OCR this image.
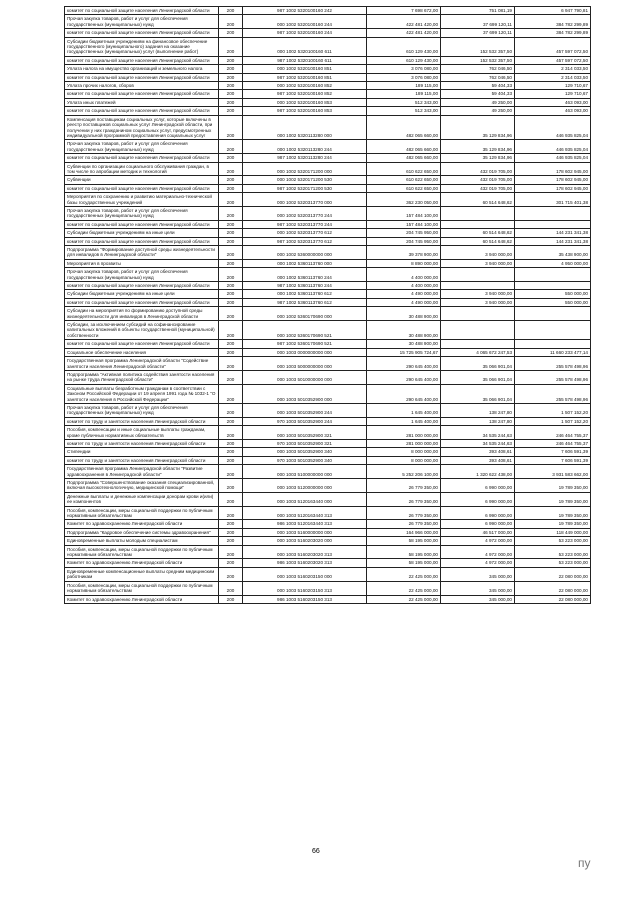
комитет по социальной защите населения Ленинградской области	200	987 1002 5320100160 242	7 698 672,00	751 081,19	6 947 790,81
Прочая закупка товаров, работ и услуг для обеспечения государственных (муниципальных) нужд	200	000 1002 5320100160 244	422 481 420,00	37 699 120,11	384 782 299,89
комитет по социальной защите населения Ленинградской области	200	987 1002 5320100160 244	422 481 420,00	37 699 120,11	384 782 299,89
Субсидии бюджетным учреждениям на финансовое обеспечение государственного (муниципального) задания на оказание государственных (муниципальных) услуг (выполнение работ)	200	000 1002 5320100160 611	610 129 430,00	152 532 357,50	457 597 072,50
комитет по социальной защите населения Ленинградской области	200	987 1002 5320100160 611	610 129 430,00	152 532 357,50	457 597 072,50
Уплата налога на имущество организаций и земельного налога	200	000 1002 5320100160 851	3 076 080,00	762 046,50	2 314 033,50
комитет по социальной защите населения Ленинградской области	200	987 1002 5320100160 851	3 076 080,00	762 046,50	2 314 033,50
Уплата прочих налогов, сборов	200	000 1002 5320100160 852	189 115,00	59 404,33	129 710,67
комитет по социальной защите населения Ленинградской области	200	987 1002 5320100160 852	189 115,00	59 404,33	129 710,67
Уплата иных платежей	200	000 1002 5320100160 853	512 343,00	49 250,00	463 093,00
комитет по социальной защите населения Ленинградской области	200	987 1002 5320100160 853	512 343,00	49 250,00	463 093,00
Компенсация поставщикам социальных услуг, которые включены в реестр поставщиков социальных услуг Ленинградской области, при получении у них гражданином социальных услуг, предусмотренных индивидуальной программой предоставления социальных услуг	200	000 1002 5320113280 000	482 065 660,00	35 129 834,96	446 935 825,04
Прочая закупка товаров, работ и услуг для обеспечения государственных (муниципальных) нужд	200	000 1002 5320113280 244	482 065 660,00	35 129 834,96	446 935 825,04
комитет по социальной защите населения Ленинградской области	200	987 1002 5320113280 244	482 065 660,00	35 129 834,96	446 935 825,04
Субвенции по организации социального обслуживания граждан, в том числе по апробации методик и технологий	200	000 1002 5320171200 000	610 622 650,00	432 019 705,00	178 602 945,00
Субвенции	200	000 1002 5320171200 530	610 622 650,00	432 019 705,00	178 602 945,00
комитет по социальной защите населения Ленинградской области	200	987 1002 5320171200 530	610 622 650,00	432 019 705,00	178 602 945,00
Мероприятия по сохранению и развитию материально-технической базы государственных учреждений	200	000 1002 5320313770 000	362 230 050,00	60 514 648,62	301 715 401,38
Прочая закупка товаров, работ и услуг для обеспечения государственных (муниципальных) нужд	200	000 1002 5320313770 244	157 484 100,00		
комитет по социальной защите населения Ленинградской области	200	987 1002 5320313770 244	157 484 100,00		
Субсидии бюджетным учреждениям на иные цели	200	000 1002 5320313770 612	204 745 950,00	60 514 648,62	144 231 341,38
комитет по социальной защите населения Ленинградской области	200	987 1002 5320313770 612	204 745 950,00	60 514 648,62	144 231 341,38
Подпрограмма "Формирование доступной среды жизнедеятельности для инвалидов в Ленинградской области"	200	000 1002 5360000000 000	39 378 900,00	3 940 000,00	35 438 900,00
Мероприятия в прозвиты	200	000 1002 5360113760 000	8 890 000,00	3 940 000,00	4 950 000,00
Прочая закупка товаров, работ и услуг для обеспечения государственных (муниципальных) нужд	200	000 1002 5360113760 244	4 400 000,00		
комитет по социальной защите населения Ленинградской области	200	987 1002 5360113760 244	4 400 000,00		
Субсидии бюджетным учреждениям на иные цели	200	000 1002 5360113760 612	4 490 000,00	3 940 000,00	550 000,00
комитет по социальной защите населения Ленинградской области	200	987 1002 5360113760 612	4 490 000,00	3 940 000,00	550 000,00
Субсидии на мероприятия по формированию доступной среды жизнедеятельности для инвалидов в Ленинградской области	200	000 1002 5360170690 000	30 488 900,00		
Субсидии, за исключением субсидий на софинансирование капитальных вложений в объекты государственной (муниципальной) собственности	200	000 1002 5360170690 521	30 488 900,00		
комитет по социальной защите населения Ленинградской области	200	987 1002 5360170690 521	30 488 900,00		
Социальное обеспечение населения	200	000 1003 0000000000 000	15 725 905 724,67	4 065 672 247,53	11 660 233 477,14
Государственная программа Ленинградской области "Содействие занятости населения Ленинградской области"	200	000 1003 5000000000 000	290 645 400,00	35 066 901,04	255 578 498,96
Подпрограмма "Активная политика содействия занятости населения на рынке труда Ленинградской области"	200	000 1003 5010000000 000	290 645 400,00	35 066 901,04	255 578 498,96
Социальные выплаты безработным гражданам в соответствии с Законом Российской Федерации от 19 апреля 1991 года № 1032-1 "О занятости населения в Российской Федерации"	200	000 1003 5010352900 000	290 645 400,00	35 066 901,04	255 578 498,96
Прочая закупка товаров, работ и услуг для обеспечения государственных (муниципальных) нужд	200	000 1003 5010352900 244	1 645 400,00	138 247,80	1 507 152,20
комитет по труду и занятости населения Ленинградской области	200	970 1003 5010352900 244	1 645 400,00	138 247,80	1 507 152,20
Пособия, компенсации и иные социальные выплаты гражданам, кроме публичных нормативных обязательств	200	000 1003 5010352900 321	281 000 000,00	34 535 244,63	246 464 755,37
комитет по труду и занятости населения Ленинградской области	200	970 1003 5010352900 321	281 000 000,00	34 535 244,63	246 464 755,37
Стипендии	200	000 1003 5010352900 340	8 000 000,00	393 408,61	7 606 591,39
комитет по труду и занятости населения Ленинградской области	200	970 1003 5010352900 340	8 000 000,00	393 408,61	7 606 591,39
Государственная программа Ленинградской области "Развитие здравоохранения в Ленинградской области"	200	000 1003 5100000000 000	5 252 206 100,00	1 320 622 438,00	3 931 583 662,00
Подпрограмма "Совершенствование оказания специализированной, включая высокотехнологичную, медицинской помощи"	200	000 1003 5120000000 000	26 779 350,00	6 990 000,00	19 789 350,00
Денежные выплаты и денежные компенсации донорам крови и(или) ее компонентов	200	000 1003 5120163440 000	26 779 350,00	6 990 000,00	19 789 350,00
Пособия, компенсации, меры социальной поддержки по публичным нормативным обязательствам	200	000 1003 5120163440 313	26 779 350,00	6 990 000,00	19 789 350,00
Комитет по здравоохранению Ленинградской области	200	986 1003 5120163440 313	26 779 350,00	6 990 000,00	19 789 350,00
Подпрограмма "Кадровое обеспечение системы здравоохранения"	200	000 1003 5160000000 000	164 966 000,00	46 517 000,00	118 449 000,00
Единовременные выплаты молодым специалистам	200	000 1003 5160203020 000	58 195 000,00	4 972 000,00	53 223 000,00
Пособия, компенсации, меры социальной поддержки по публичным нормативным обязательствам	200	000 1003 5160203020 313	58 195 000,00	4 972 000,00	53 223 000,00
Комитет по здравоохранению Ленинградской области	200	986 1003 5160203020 313	58 195 000,00	4 972 000,00	53 223 000,00
Единовременные компенсационные выплаты средним медицинским работникам	200	000 1003 5160203150 000	22 425 000,00	345 000,00	22 080 000,00
Пособия, компенсации, меры социальной поддержки по публичным нормативным обязательствам	200	000 1003 5160203150 313	22 425 000,00	345 000,00	22 080 000,00
Комитет по здравоохранению Ленинградской области	200	986 1003 5160203150 313	22 425 000,00	345 000,00	22 080 000,00
66
пу
